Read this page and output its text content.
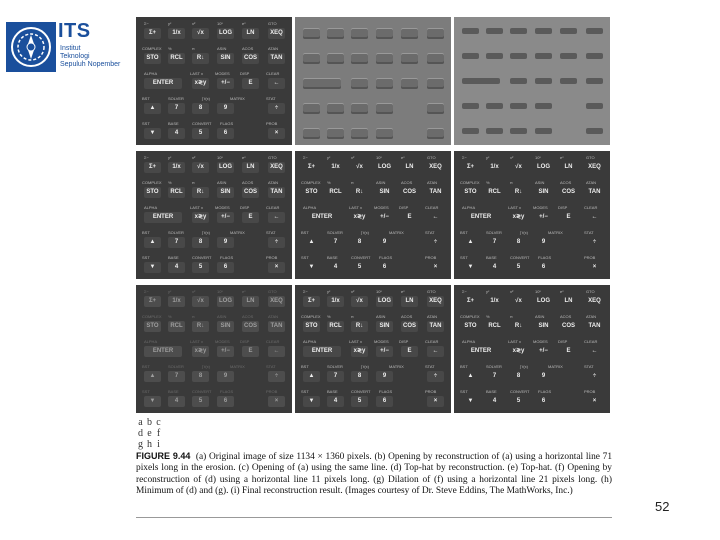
ITS
Institut
Teknologi
Sepuluh Nopember
Σ−	yˣ	x²	10ˣ	eˣ	GTO
Σ+	1/x	√x	LOG	LN	XEQ
COMPLEX %	π	ASIN	ACOS	ATAN
STO	RCL	R↓	SIN	COS	TAN
ALPHA	LAST x	MODES	DISP	CLEAR
ENTER	x≷y	+/−	E	←
BST	SOLVER	∫ f(x)	MATRIX	STAT
▲	7	8	9	÷
SST	BASE	CONVERT FLAGS	PROB
▼	4	5	6	×
Σ−	yˣ	x²	10ˣ	eˣ	GTO
Σ+	1/x	√x	LOG	LN	XEQ
COMPLEX %	π	ASIN	ACOS	ATAN
STO	RCL	R↓	SIN	COS	TAN
ALPHA	LAST x	MODES	DISP	CLEAR
ENTER	x≷y	+/−	E	←
BST	SOLVER	∫ f(x)	MATRIX	STAT
▲	7	8	9	÷
SST	BASE	CONVERT FLAGS	PROB
▼	4	5	6	×
Σ−	yˣ	x²	10ˣ	eˣ	GTO
Σ+	1/x	√x	LOG	LN	XEQ
COMPLEX %	π	ASIN	ACOS	ATAN
STO	RCL	R↓	SIN	COS	TAN
ALPHA	LAST x	MODES	DISP	CLEAR
ENTER	x≷y	+/−	E	←
BST	SOLVER	∫ f(x)	MATRIX	STAT
▲	7	8	9	÷
SST	BASE	CONVERT FLAGS	PROB
▼	4	5	6	×
Σ−	yˣ	x²	10ˣ	eˣ	GTO
Σ+	1/x	√x	LOG	LN	XEQ
COMPLEX %	π	ASIN	ACOS	ATAN
STO	RCL	R↓	SIN	COS	TAN
ALPHA	LAST x	MODES	DISP	CLEAR
ENTER	x≷y	+/−	E	←
BST	SOLVER	∫ f(x)	MATRIX	STAT
▲	7	8	9	÷
SST	BASE	CONVERT FLAGS	PROB
▼	4	5	6	×
Σ−	yˣ	x²	10ˣ	eˣ	GTO
Σ+	1/x	√x	LOG	LN	XEQ
COMPLEX %	π	ASIN	ACOS	ATAN
STO	RCL	R↓	SIN	COS	TAN
ALPHA	LAST x	MODES	DISP	CLEAR
ENTER	x≷y	+/−	E	←
BST	SOLVER	∫ f(x)	MATRIX	STAT
▲	7	8	9	÷
SST	BASE	CONVERT FLAGS	PROB
▼	4	5	6	×
Σ−	yˣ	x²	10ˣ	eˣ	GTO
Σ+	1/x	√x	LOG	LN	XEQ
COMPLEX %	π	ASIN	ACOS	ATAN
STO	RCL	R↓	SIN	COS	TAN
ALPHA	LAST x	MODES	DISP	CLEAR
ENTER	x≷y	+/−	E	←
BST	SOLVER	∫ f(x)	MATRIX	STAT
▲	7	8	9	÷
SST	BASE	CONVERT FLAGS	PROB
▼	4	5	6	×
Σ−	yˣ	x²	10ˣ	eˣ	GTO
Σ+	1/x	√x	LOG	LN	XEQ
COMPLEX %	π	ASIN	ACOS	ATAN
STO	RCL	R↓	SIN	COS	TAN
ALPHA	LAST x	MODES	DISP	CLEAR
ENTER	x≷y	+/−	E	←
BST	SOLVER	∫ f(x)	MATRIX	STAT
▲	7	8	9	÷
SST	BASE	CONVERT FLAGS	PROB
▼	4	5	6	×
a b c
d e f
g h i
FIGURE 9.44 (a) Original image of size 1134 × 1360 pixels. (b) Opening by reconstruction of (a) using a horizontal line 71 pixels long in the erosion. (c) Opening of (a) using the same line. (d) Top-hat by reconstruction. (e) Top-hat. (f) Opening by reconstruction of (d) using a horizontal line 11 pixels long. (g) Dilation of (f) using a horizontal line 21 pixels long. (h) Minimum of (d) and (g). (i) Final reconstruction result. (Images courtesy of Dr. Steve Eddins, The MathWorks, Inc.)
52
